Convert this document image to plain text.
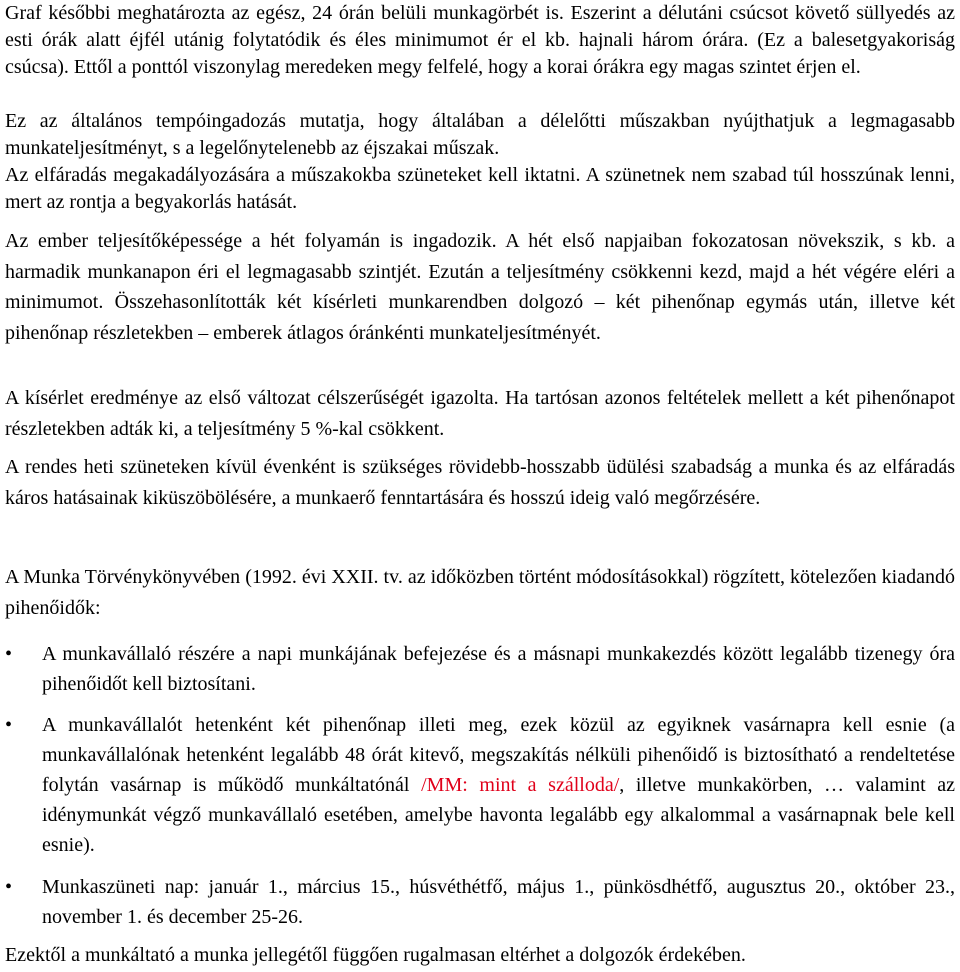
Graf későbbi meghatározta az egész, 24 órán belüli munkagörbét is. Eszerint a délutáni csúcsot követő süllyedés az esti órák alatt éjfél utánig folytatódik és éles minimumot ér el kb. hajnali három órára. (Ez a balesetgyakoriság csúcsa). Ettől a ponttól viszonylag meredeken megy felfelé, hogy a korai órákra egy magas szintet érjen el.
Ez az általános tempóingadozás mutatja, hogy általában a délelőtti műszakban nyújthatjuk a legmagasabb munkateljesítményt, s a legelőnytelenebb az éjszakai műszak.
Az elfáradás megakadályozására a műszakokba szüneteket kell iktatni. A szünetnek nem szabad túl hosszúnak lenni, mert az rontja a begyakorlás hatását.
Az ember teljesítőképessége a hét folyamán is ingadozik. A hét első napjaiban fokozatosan növekszik, s kb. a harmadik munkanapon éri el legmagasabb szintjét. Ezután a teljesítmény csökkenni kezd, majd a hét végére eléri a minimumot. Összehasonlították két kísérleti munkarendben dolgozó – két pihenőnap egymás után, illetve két pihenőnap részletekben – emberek átlagos óránkénti munkateljesítményét.
A kísérlet eredménye az első változat célszerűségét igazolta. Ha tartósan azonos feltételek mellett a két pihenőnapot részletekben adták ki, a teljesítmény 5 %-kal csökkent.
A rendes heti szüneteken kívül évenként is szükséges rövidebb-hosszabb üdülési szabadság a munka és az elfáradás káros hatásainak kiküszöbölésére, a munkaerő fenntartására és hosszú ideig való megőrzésére.
A Munka Törvénykönyvében (1992. évi XXII. tv. az időközben történt módosításokkal) rögzített, kötelezően kiadandó pihenőidők:
•	A munkavállaló részére a napi munkájának befejezése és a másnapi munkakezdés között legalább tizenegy óra pihenőidőt kell biztosítani.
•	A munkavállalót hetenként két pihenőnap illeti meg, ezek közül az egyiknek vasárnapra kell esnie (a munkavállalónak hetenként legalább 48 órát kitevő, megszakítás nélküli pihenőidő is biztosítható a rendeltetése folytán vasárnap is működő munkáltatónál /MM: mint a szálloda/, illetve munkakörben, … valamint az idénymunkát végző munkavállaló esetében, amelybe havonta legalább egy alkalommal a vasárnapnak bele kell esnie).
•	Munkaszüneti nap: január 1., március 15., húsvéthétfő, május 1., pünkösdhétfő, augusztus 20., október 23., november 1. és december 25-26.
Ezektől a munkáltató a munka jellegétől függően rugalmasan eltérhet a dolgozók érdekében.
